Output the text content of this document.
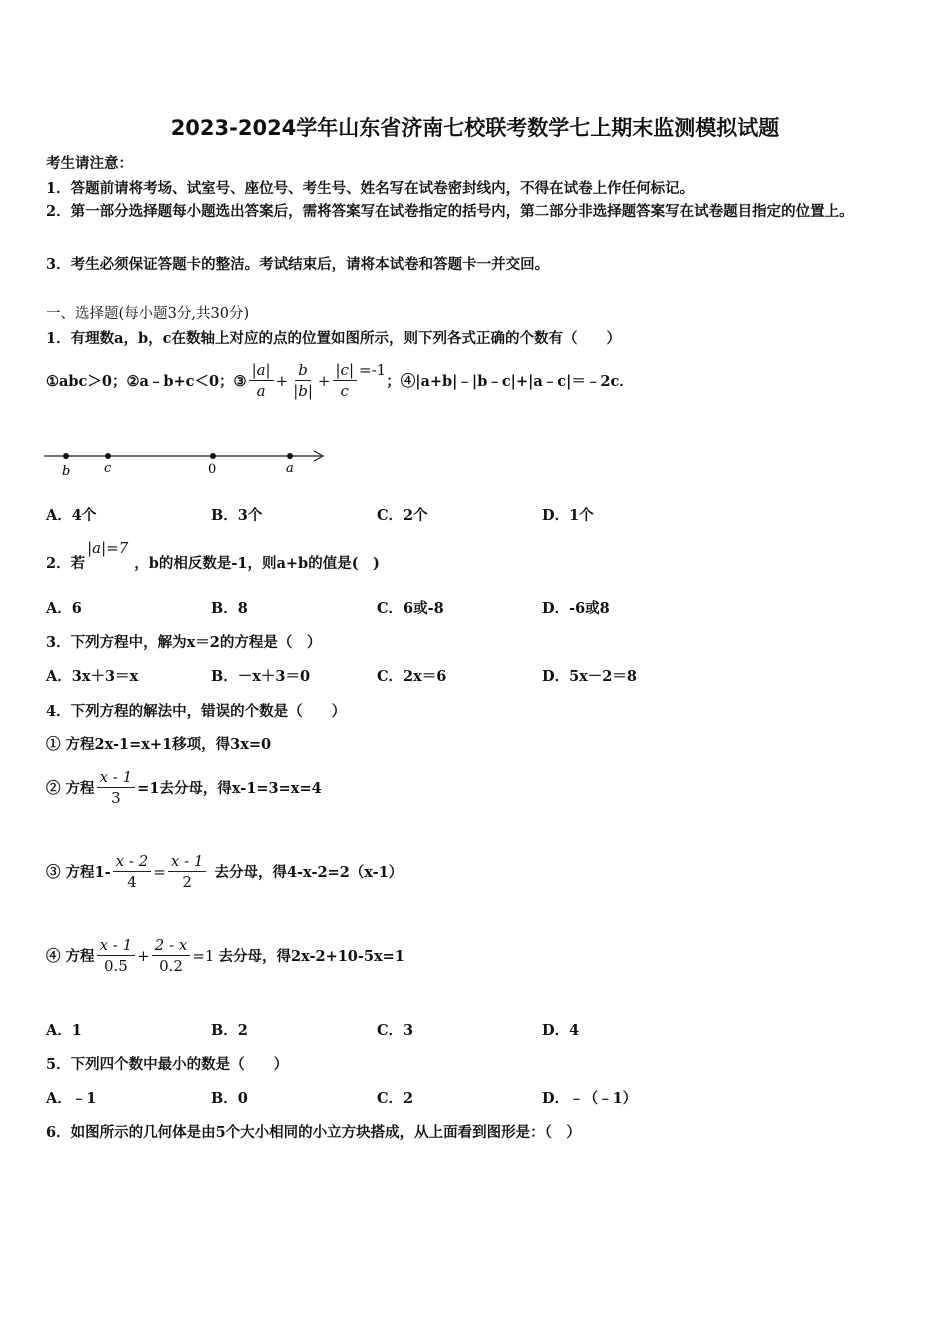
2023-2024学年山东省济南七校联考数学七上期末监测模拟试题
考生请注意：
1．答题前请将考场、试室号、座位号、考生号、姓名写在试卷密封线内，不得在试卷上作任何标记。
2．第一部分选择题每小题选出答案后，需将答案写在试卷指定的括号内，第二部分非选择题答案写在试卷题目指定的位置上。
3．考生必须保证答题卡的整洁。考试结束后，请将本试卷和答题卡一并交回。
一、选择题(每小题3分,共30分)
1．有理数a，b，c在数轴上对应的点的位置如图所示，则下列各式正确的个数有（　　）
①abc＞0；②a﹣b+c＜0；③ $\frac{|a|}{a} + \frac{b}{|b|} + \frac{|c|}{c} =-1$
；④|a+b|﹣|b﹣c|+|a﹣c|＝﹣2c．
b	c	0	a
A．4个	B．3个	C．2个	D．1个
2．若|a|=7，b的相反数是-1，则a+b的值是(　)
A．6	B．8	C．6或-8	D．-6或8
3．下列方程中，解为x＝2的方程是（　）
A．3x＋3＝x	B．－x＋3＝0	C．2x＝6	D．5x－2＝8
4．下列方程的解法中，错误的个数是（　　）
① 方程2x-1=x+1移项，得3x=0
② 方程 $\frac{x - 1}{3} =1$去分母，得x-1=3=x=4
③ 方程$1- \frac{x - 2}{4} = \frac{x - 1}{2}$ 去分母，得4-x-2=2（x-1）
④ 方程 $\frac{x - 1}{0.5} + \frac{2 - x}{0.2} =1$ 去分母，得2x-2+10-5x=1
A．1	B．2	C．3	D．4
5．下列四个数中最小的数是（　　）
A．﹣1	B．0	C．2	D．﹣（﹣1）
6．如图所示的几何体是由5个大小相同的小立方块搭成，从上面看到图形是：（　）
